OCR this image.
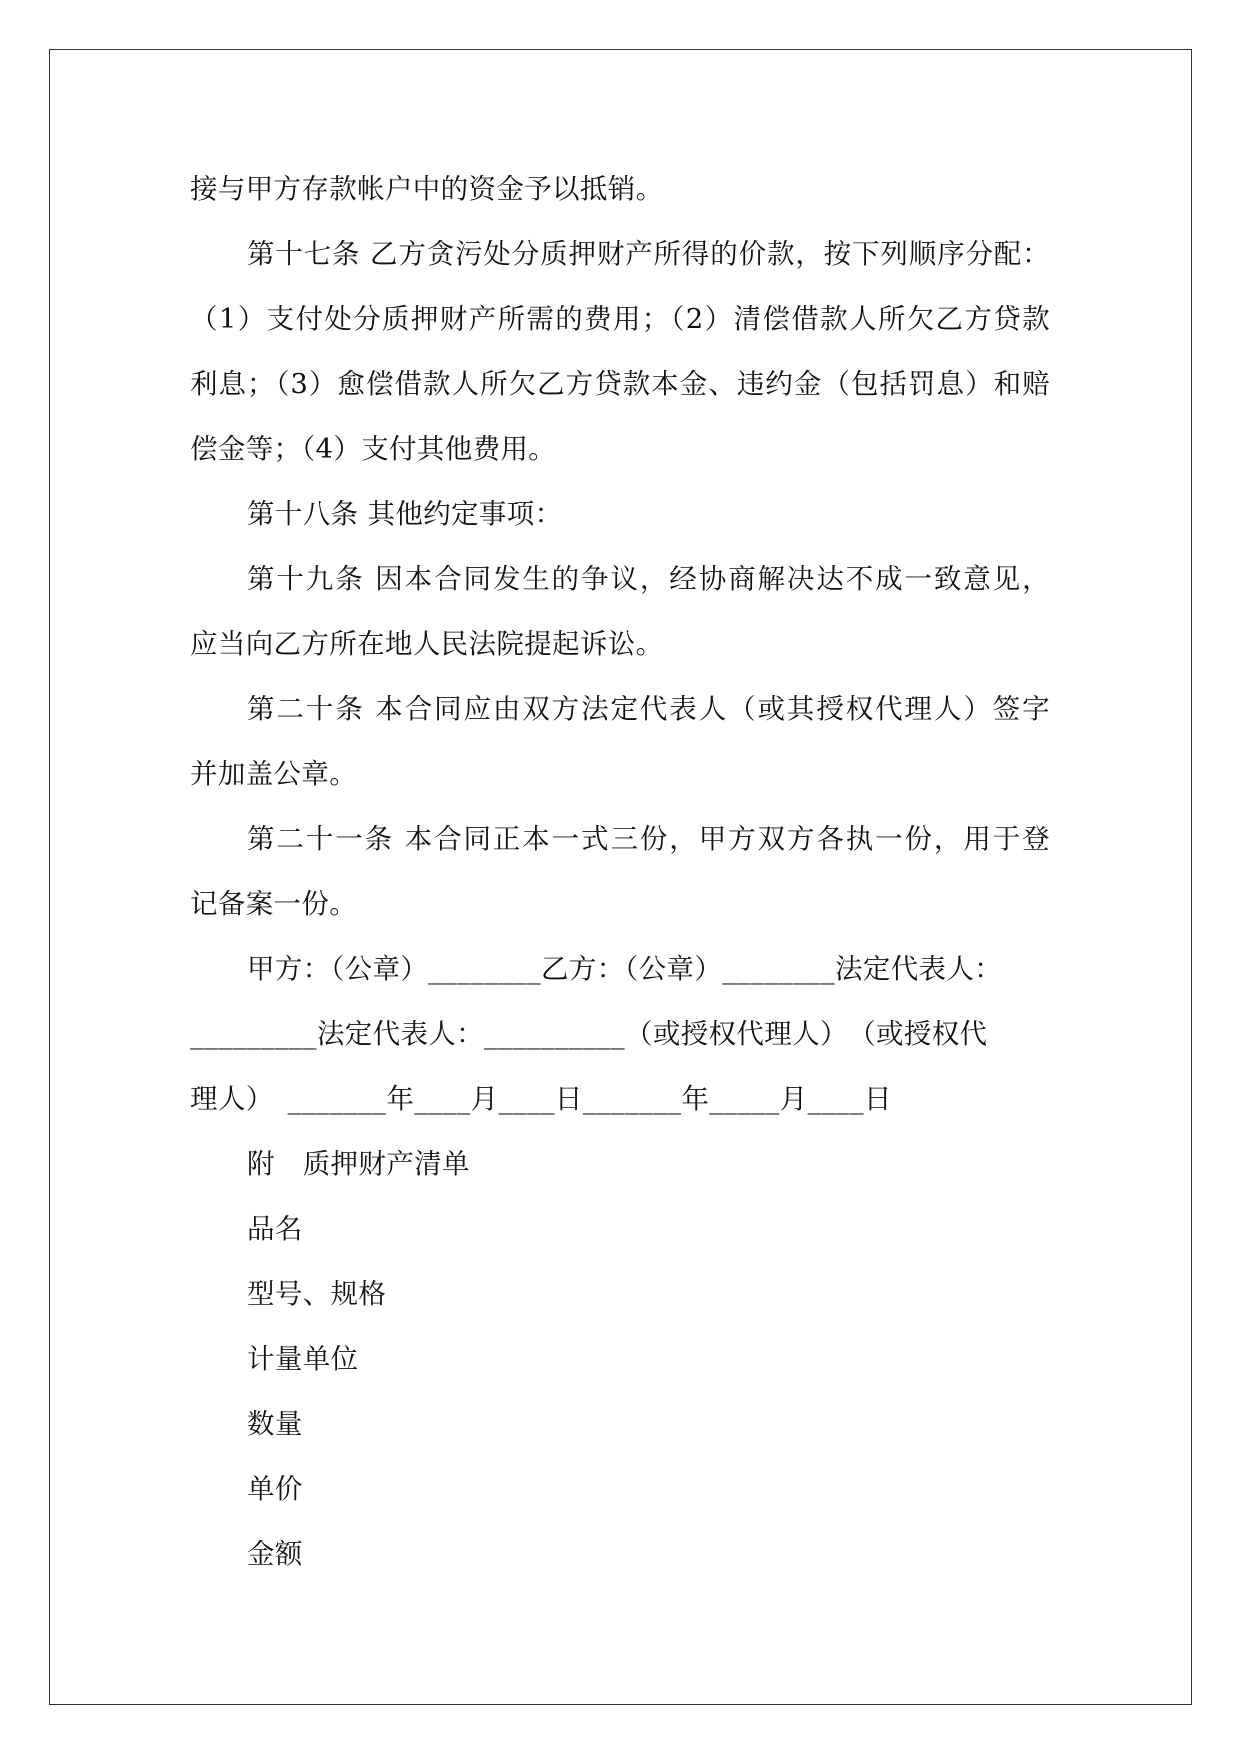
接与甲方存款帐户中的资金予以抵销。
第十七条 乙方贪污处分质押财产所得的价款，按下列顺序分配：
（1）支付处分质押财产所需的费用；（2）清偿借款人所欠乙方贷款
利息；（3）愈偿借款人所欠乙方贷款本金、违约金（包括罚息）和赔
偿金等；（4）支付其他费用。
第十八条 其他约定事项：
第十九条 因本合同发生的争议，经协商解决达不成一致意见，
应当向乙方所在地人民法院提起诉讼。
第二十条 本合同应由双方法定代表人（或其授权代理人）签字
并加盖公章。
第二十一条 本合同正本一式三份，甲方双方各执一份，用于登
记备案一份。
甲方：（公章）________乙方：（公章）________法定代表人：
_________法定代表人：__________（或授权代理人）　（或授权代
理人）　_______年____月____日_______年_____月____日
附　质押财产清单
品名
型号、规格
计量单位
数量
单价
金额
